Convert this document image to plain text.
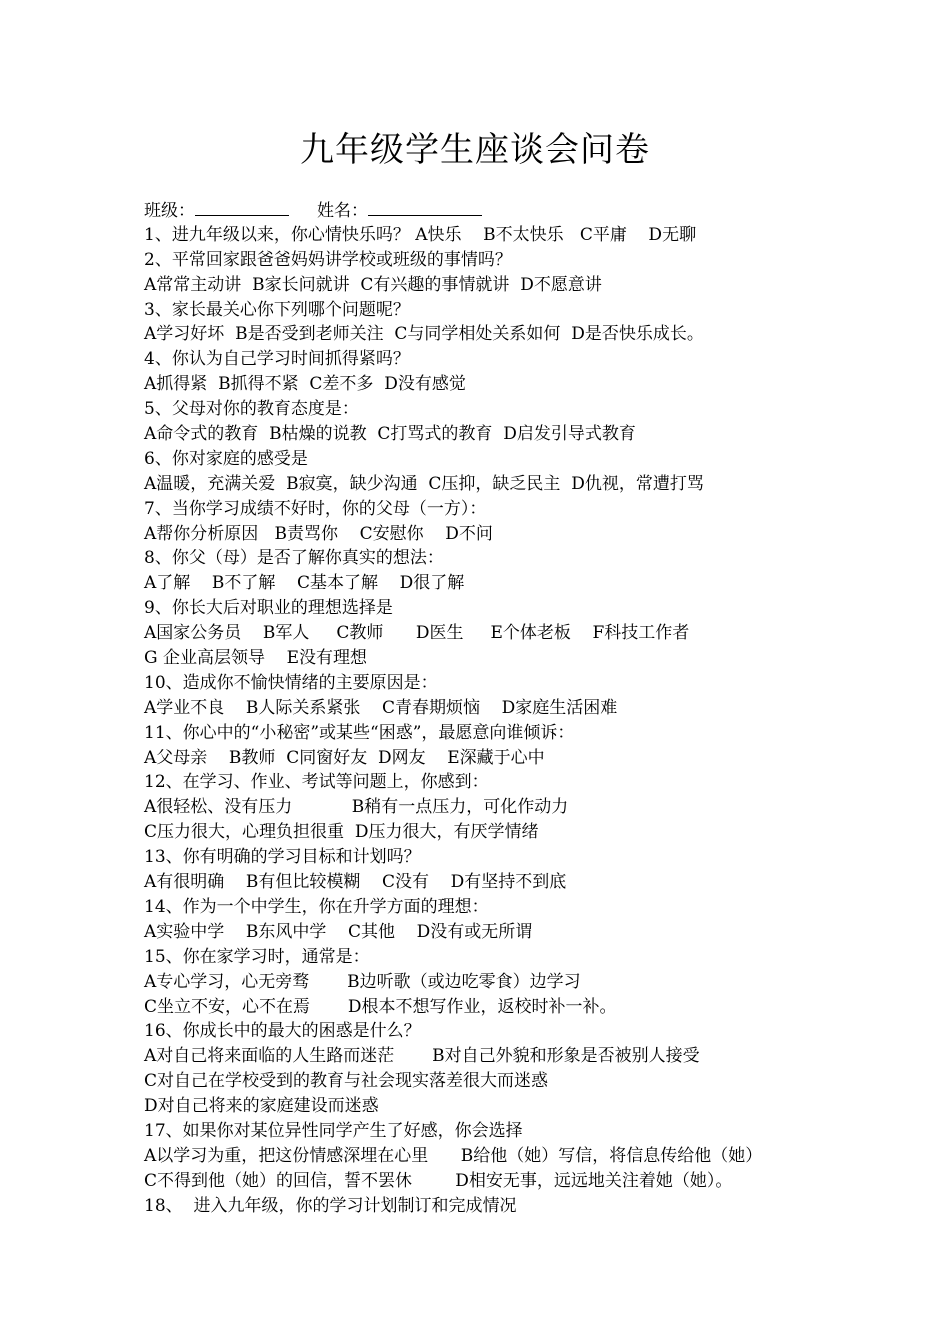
九年级学生座谈会问卷
班级：	姓名：
1、进九年级以来，你心情快乐吗？ A快乐    B不太快乐   C平庸    D无聊
2、平常回家跟爸爸妈妈讲学校或班级的事情吗？
A常常主动讲  B家长问就讲  C有兴趣的事情就讲  D不愿意讲
3、家长最关心你下列哪个问题呢？
A学习好坏  B是否受到老师关注  C与同学相处关系如何  D是否快乐成长。
4、你认为自己学习时间抓得紧吗？
A抓得紧  B抓得不紧  C差不多  D没有感觉
5、父母对你的教育态度是：
A命令式的教育  B枯燥的说教  C打骂式的教育  D启发引导式教育
6、你对家庭的感受是
A温暖，充满关爱  B寂寞，缺少沟通  C压抑，缺乏民主  D仇视，常遭打骂
7、当你学习成绩不好时，你的父母（一方）：
A帮你分析原因   B责骂你    C安慰你    D不问
8、你父（母）是否了解你真实的想法：
A了解    B不了解    C基本了解    D很了解
9、你长大后对职业的理想选择是
A国家公务员    B军人     C教师      D医生     E个体老板    F科技工作者
G 企业高层领导    E没有理想
10、造成你不愉快情绪的主要原因是：
A学业不良    B人际关系紧张    C青春期烦恼    D家庭生活困难
11、你心中的“小秘密”或某些“困惑”，最愿意向谁倾诉：
A父母亲    B教师  C同窗好友  D网友    E深藏于心中
12、在学习、作业、考试等问题上，你感到：
A很轻松、没有压力           B稍有一点压力，可化作动力
C压力很大，心理负担很重  D压力很大，有厌学情绪
13、你有明确的学习目标和计划吗？
A有很明确    B有但比较模糊    C没有    D有坚持不到底
14、作为一个中学生，你在升学方面的理想：
A实验中学    B东风中学    C其他    D没有或无所谓
15、你在家学习时，通常是：
A专心学习，心无旁骛       B边听歌（或边吃零食）边学习
C坐立不安，心不在焉       D根本不想写作业，返校时补一补。
16、你成长中的最大的困惑是什么？
A对自己将来面临的人生路而迷茫       B对自己外貌和形象是否被别人接受
C对自己在学校受到的教育与社会现实落差很大而迷惑
D对自己将来的家庭建设而迷惑
17、如果你对某位异性同学产生了好感，你会选择
A以学习为重，把这份情感深埋在心里      B给他（她）写信，将信息传给他（她）
C不得到他（她）的回信，誓不罢休        D相安无事，远远地关注着她（她）。
18、  进入九年级，你的学习计划制订和完成情况
